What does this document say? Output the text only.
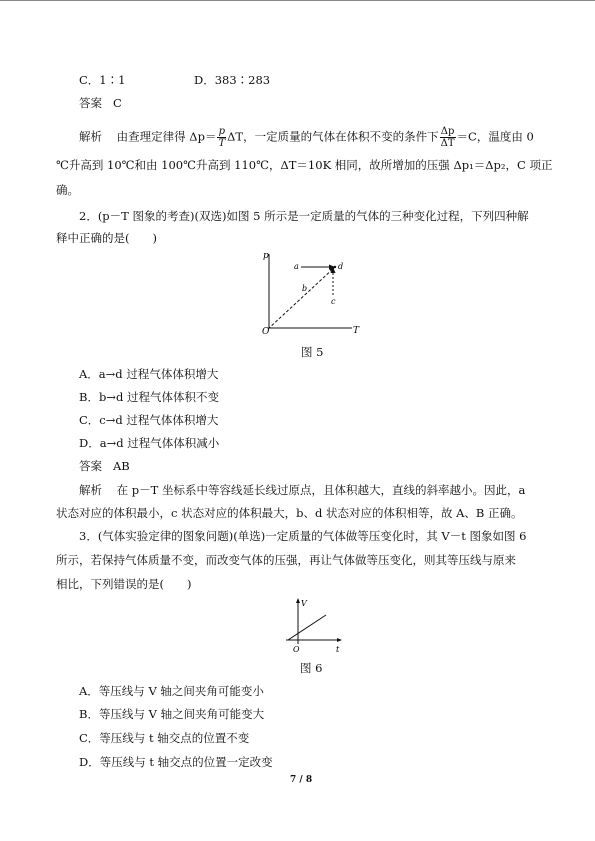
C．1∶1	D．383∶283
答案 C
解析 由查理定律得 $\Delta p= \frac{p}{T}$ ΔT，一定质量的气体在体积不变的条件下 $\frac{\Delta p}{\Delta T} =C$，温度由 0
℃升高到 10℃和由 100℃升高到 110℃，ΔT＝10K 相同，故所增加的压强 Δp₁＝Δp₂，C 项正
确。
2．(p－T 图象的考查)(双选)如图 5 所示是一定质量的气体的三种变化过程，下列四种解
释中正确的是(　　)
p
T
O
a
b
c
d
图 5
A．a→d 过程气体体积增大
B．b→d 过程气体体积不变
C．c→d 过程气体体积增大
D．a→d 过程气体体积减小
答案 AB
解析 在 p－T 坐标系中等容线延长线过原点，且体积越大，直线的斜率越小。因此，a
状态对应的体积最小，c 状态对应的体积最大，b、d 状态对应的体积相等，故 A、B 正确。
3．(气体实验定律的图象问题)(单选)一定质量的气体做等压变化时，其 V－t 图象如图 6
所示，若保持气体质量不变，而改变气体的压强，再让气体做等压变化，则其等压线与原来
相比，下列错误的是(　　)
V
O	t
图 6
A．等压线与 V 轴之间夹角可能变小
B．等压线与 V 轴之间夹角可能变大
C．等压线与 t 轴交点的位置不变
D．等压线与 t 轴交点的位置一定改变
7 / 8
